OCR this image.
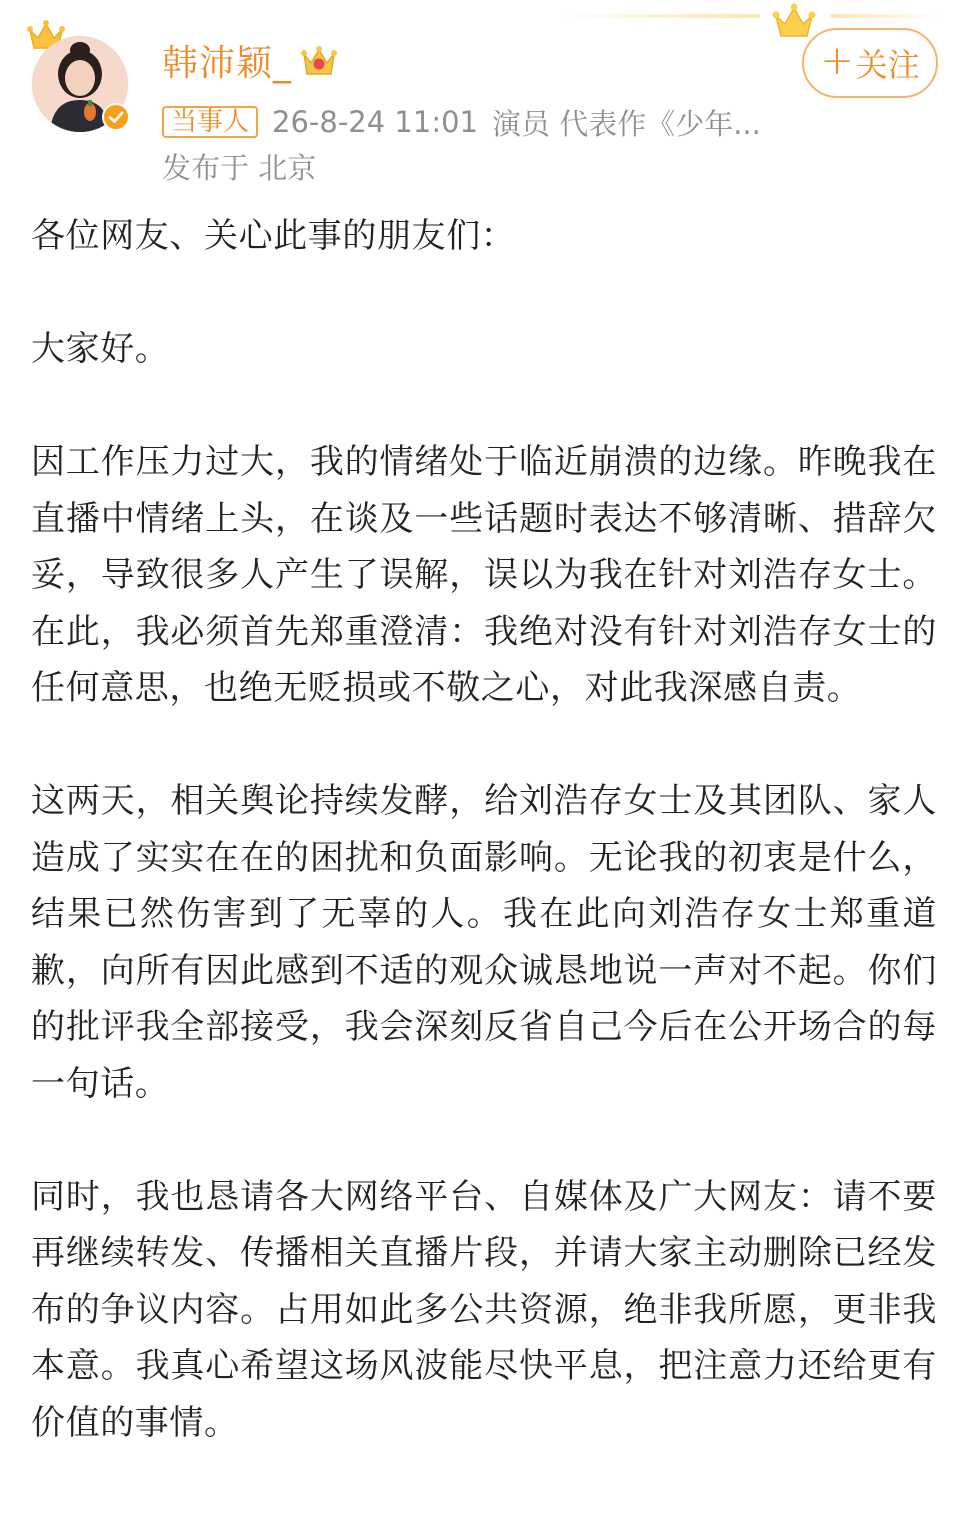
韩沛颖_	+ 关注
当事人 26-8-24 11:01 演员 代表作《少年...
发布于 北京

各位网友、关心此事的朋友们：

大家好。

因工作压力过大，我的情绪处于临近崩溃的边缘。昨晚我在直播中情绪上头，在谈及一些话题时表达不够清晰、措辞欠妥，导致很多人产生了误解，误以为我在针对刘浩存女士。在此，我必须首先郑重澄清：我绝对没有针对刘浩存女士的任何意思，也绝无贬损或不敬之心，对此我深感自责。

这两天，相关舆论持续发酵，给刘浩存女士及其团队、家人造成了实实在在的困扰和负面影响。无论我的初衷是什么，结果已然伤害到了无辜的人。我在此向刘浩存女士郑重道歉，向所有因此感到不适的观众诚恳地说一声对不起。你们的批评我全部接受，我会深刻反省自己今后在公开场合的每一句话。

同时，我也恳请各大网络平台、自媒体及广大网友：请不要再继续转发、传播相关直播片段，并请大家主动删除已经发布的争议内容。占用如此多公共资源，绝非我所愿，更非我本意。我真心希望这场风波能尽快平息，把注意力还给更有价值的事情。
